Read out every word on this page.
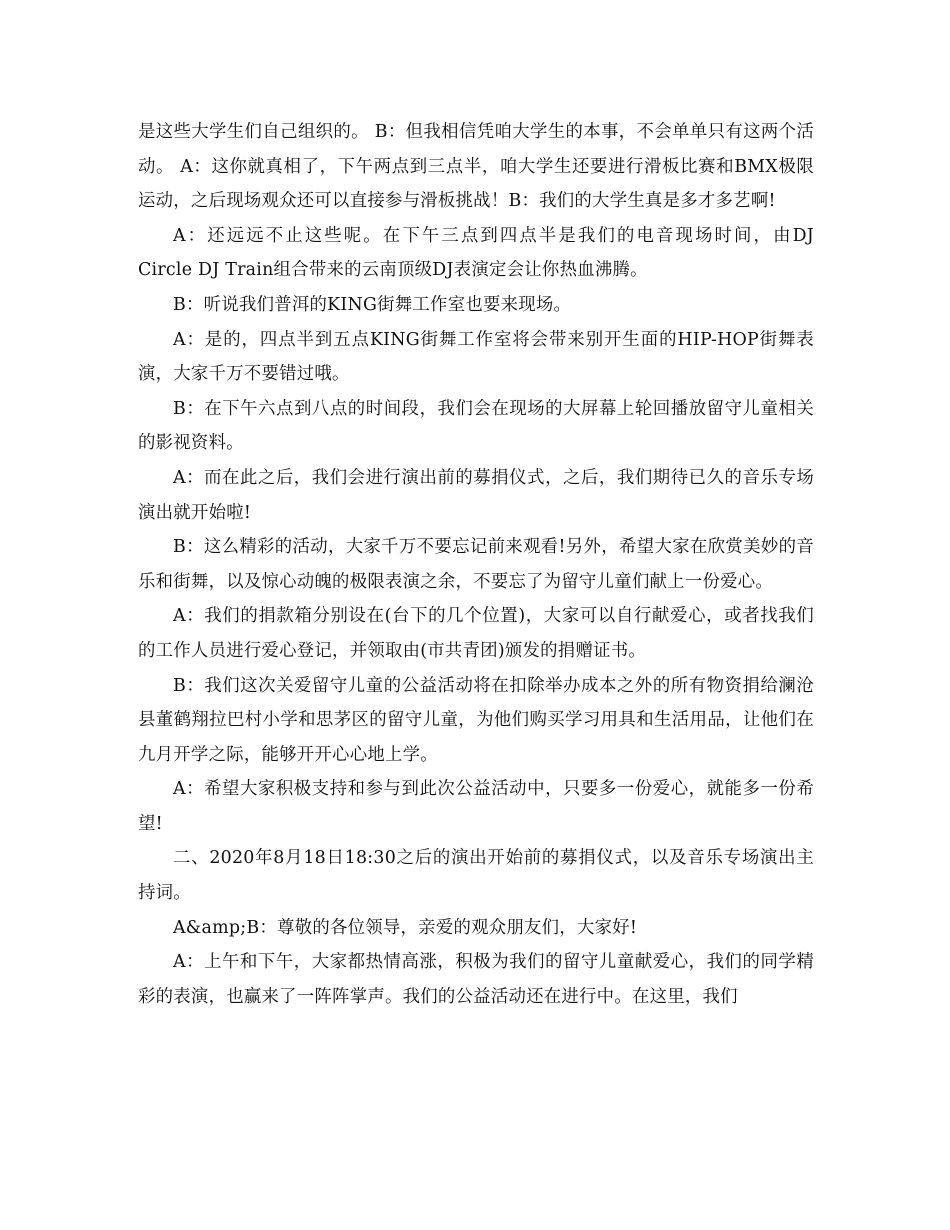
是这些大学生们自己组织的。 B：但我相信凭咱大学生的本事，不会单单只有这两个活动。 A：这你就真相了，下午两点到三点半，咱大学生还要进行滑板比赛和BMX极限运动，之后现场观众还可以直接参与滑板挑战！B：我们的大学生真是多才多艺啊!

A：还远远不止这些呢。在下午三点到四点半是我们的电音现场时间，由DJ Circle DJ Train组合带来的云南顶级DJ表演定会让你热血沸腾。

B：听说我们普洱的KING街舞工作室也要来现场。

A：是的，四点半到五点KING街舞工作室将会带来别开生面的HIP-HOP街舞表演，大家千万不要错过哦。

B：在下午六点到八点的时间段，我们会在现场的大屏幕上轮回播放留守儿童相关的影视资料。

A：而在此之后，我们会进行演出前的募捐仪式，之后，我们期待已久的音乐专场演出就开始啦!

B：这么精彩的活动，大家千万不要忘记前来观看!另外，希望大家在欣赏美妙的音乐和街舞，以及惊心动魄的极限表演之余，不要忘了为留守儿童们献上一份爱心。

A：我们的捐款箱分别设在(台下的几个位置)，大家可以自行献爱心，或者找我们的工作人员进行爱心登记，并领取由(市共青团)颁发的捐赠证书。

B：我们这次关爱留守儿童的公益活动将在扣除举办成本之外的所有物资捐给澜沧县董鹤翔拉巴村小学和思茅区的留守儿童，为他们购买学习用具和生活用品，让他们在九月开学之际，能够开开心心地上学。

A：希望大家积极支持和参与到此次公益活动中，只要多一份爱心，就能多一份希望!

二、2020年8月18日18:30之后的演出开始前的募捐仪式，以及音乐专场演出主持词。

A&amp;B：尊敬的各位领导，亲爱的观众朋友们，大家好!

A：上午和下午，大家都热情高涨，积极为我们的留守儿童献爱心，我们的同学精彩的表演，也赢来了一阵阵掌声。我们的公益活动还在进行中。在这里，我们
